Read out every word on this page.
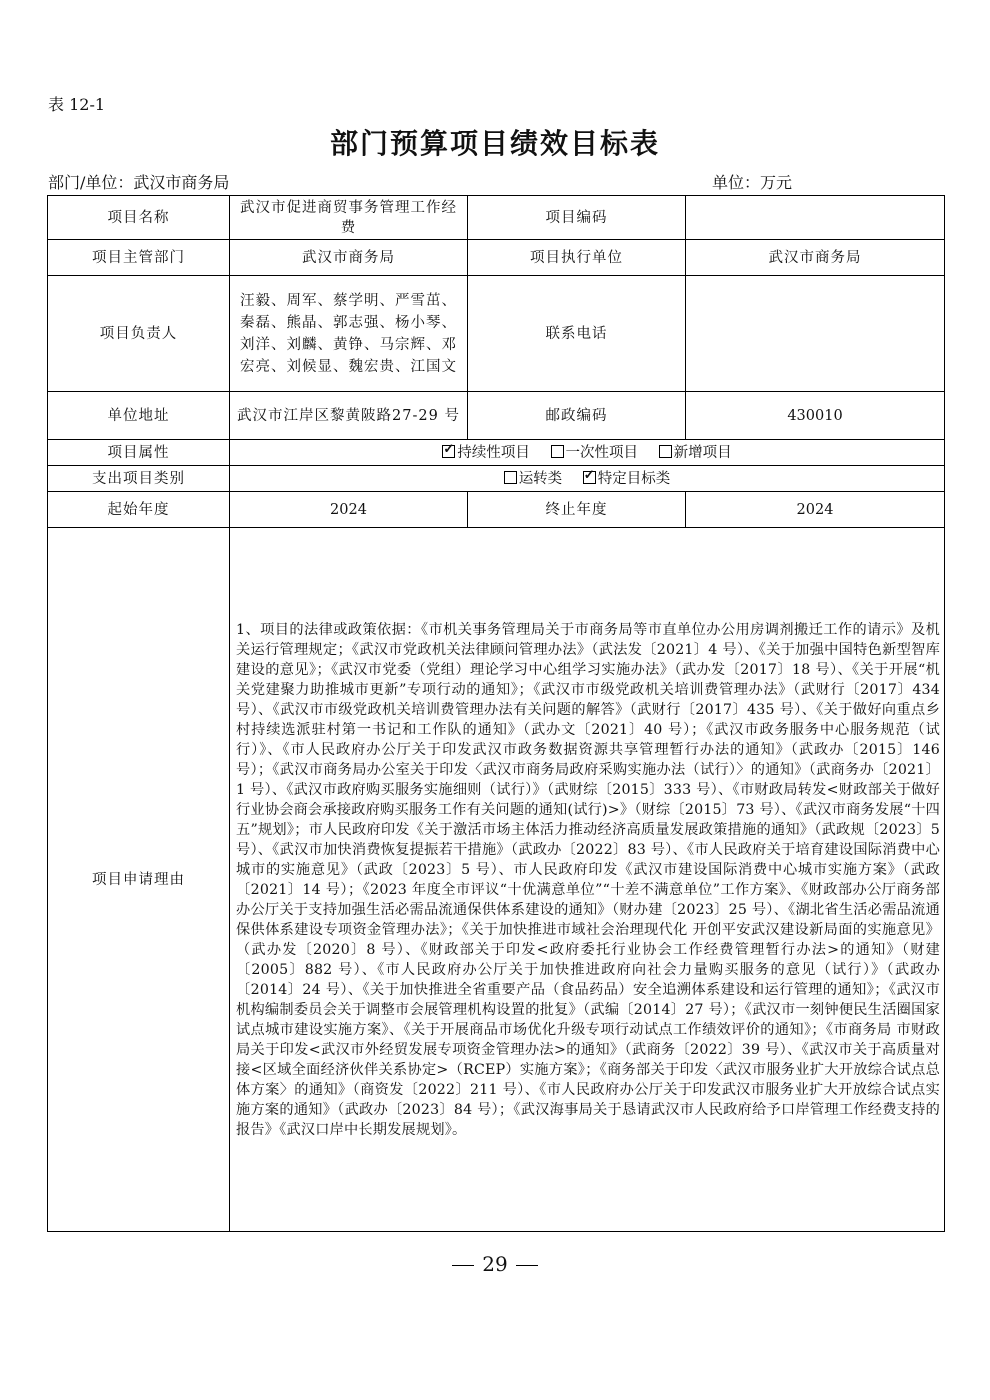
表 12-1
部门预算项目绩效目标表
部门/单位：武汉市商务局	单位：万元
项目名称	武汉市促进商贸事务管理工作经费	项目编码	
项目主管部门	武汉市商务局	项目执行单位	武汉市商务局
项目负责人	汪毅、周军、蔡学明、严雪茁、秦磊、熊晶、郭志强、杨小琴、刘洋、刘麟、黄铮、马宗辉、邓宏亮、刘候显、魏宏贵、江国文	联系电话	
单位地址	武汉市江岸区黎黄陂路27-29 号	邮政编码	430010
项目属性	✓持续性项目 一次性项目 新增项目
支出项目类别	运转类 ✓ 特定目标类
起始年度	2024	终止年度	2024
项目申请理由	1、项目的法律或政策依据：《市机关事务管理局关于市商务局等市直单位办公用房调剂搬迁工作的请示》及机关运行管理规定；《武汉市党政机关法律顾问管理办法》（武法发〔2021〕4 号）、《关于加强中国特色新型智库建设的意见》；《武汉市党委（党组）理论学习中心组学习实施办法》（武办发〔2017〕18 号）、《关于开展“机关党建聚力助推城市更新”专项行动的通知》；《武汉市市级党政机关培训费管理办法》（武财行〔2017〕434 号）、《武汉市市级党政机关培训费管理办法有关问题的解答》（武财行〔2017〕435 号）、《关于做好向重点乡村持续选派驻村第一书记和工作队的通知》（武办文〔2021〕40 号）；《武汉市政务服务中心服务规范（试行）》、《市人民政府办公厅关于印发武汉市政务数据资源共享管理暂行办法的通知》（武政办〔2015〕146 号）；《武汉市商务局办公室关于印发〈武汉市商务局政府采购实施办法（试行）〉的通知》（武商务办〔2021〕1 号）、《武汉市政府购买服务实施细则（试行）》（武财综〔2015〕333 号）、《市财政局转发<财政部关于做好行业协会商会承接政府购买服务工作有关问题的通知(试行)>》（财综〔2015〕73 号）、《武汉市商务发展“十四五”规划》；市人民政府印发《关于激活市场主体活力推动经济高质量发展政策措施的通知》（武政规〔2023〕5 号）、《武汉市加快消费恢复提振若干措施》（武政办〔2022〕83 号）、《市人民政府关于培育建设国际消费中心城市的实施意见》（武政〔2023〕5 号）、市人民政府印发《武汉市建设国际消费中心城市实施方案》（武政〔2021〕14 号）；《2023 年度全市评议“十优满意单位”“十差不满意单位”工作方案》、《财政部办公厅商务部办公厅关于支持加强生活必需品流通保供体系建设的通知》（财办建〔2023〕25 号）、《湖北省生活必需品流通保供体系建设专项资金管理办法》；《关于加快推进市域社会治理现代化 开创平安武汉建设新局面的实施意见》（武办发〔2020〕8 号）、《财政部关于印发<政府委托行业协会工作经费管理暂行办法>的通知》（财建〔2005〕882 号）、《市人民政府办公厅关于加快推进政府向社会力量购买服务的意见（试行）》（武政办〔2014〕24 号）、《关于加快推进全省重要产品（食品药品）安全追溯体系建设和运行管理的通知》；《武汉市机构编制委员会关于调整市会展管理机构设置的批复》（武编〔2014〕27 号）；《武汉市一刻钟便民生活圈国家试点城市建设实施方案》、《关于开展商品市场优化升级专项行动试点工作绩效评价的通知》；《市商务局 市财政局关于印发<武汉市外经贸发展专项资金管理办法>的通知》（武商务〔2022〕39 号）、《武汉市关于高质量对接<区域全面经济伙伴关系协定>（RCEP）实施方案》；《商务部关于印发〈武汉市服务业扩大开放综合试点总体方案〉的通知》（商资发〔2022〕211 号）、《市人民政府办公厅关于印发武汉市服务业扩大开放综合试点实施方案的通知》（武政办〔2023〕84 号）；《武汉海事局关于恳请武汉市人民政府给予口岸管理工作经费支持的报告》《武汉口岸中长期发展规划》。		
29
